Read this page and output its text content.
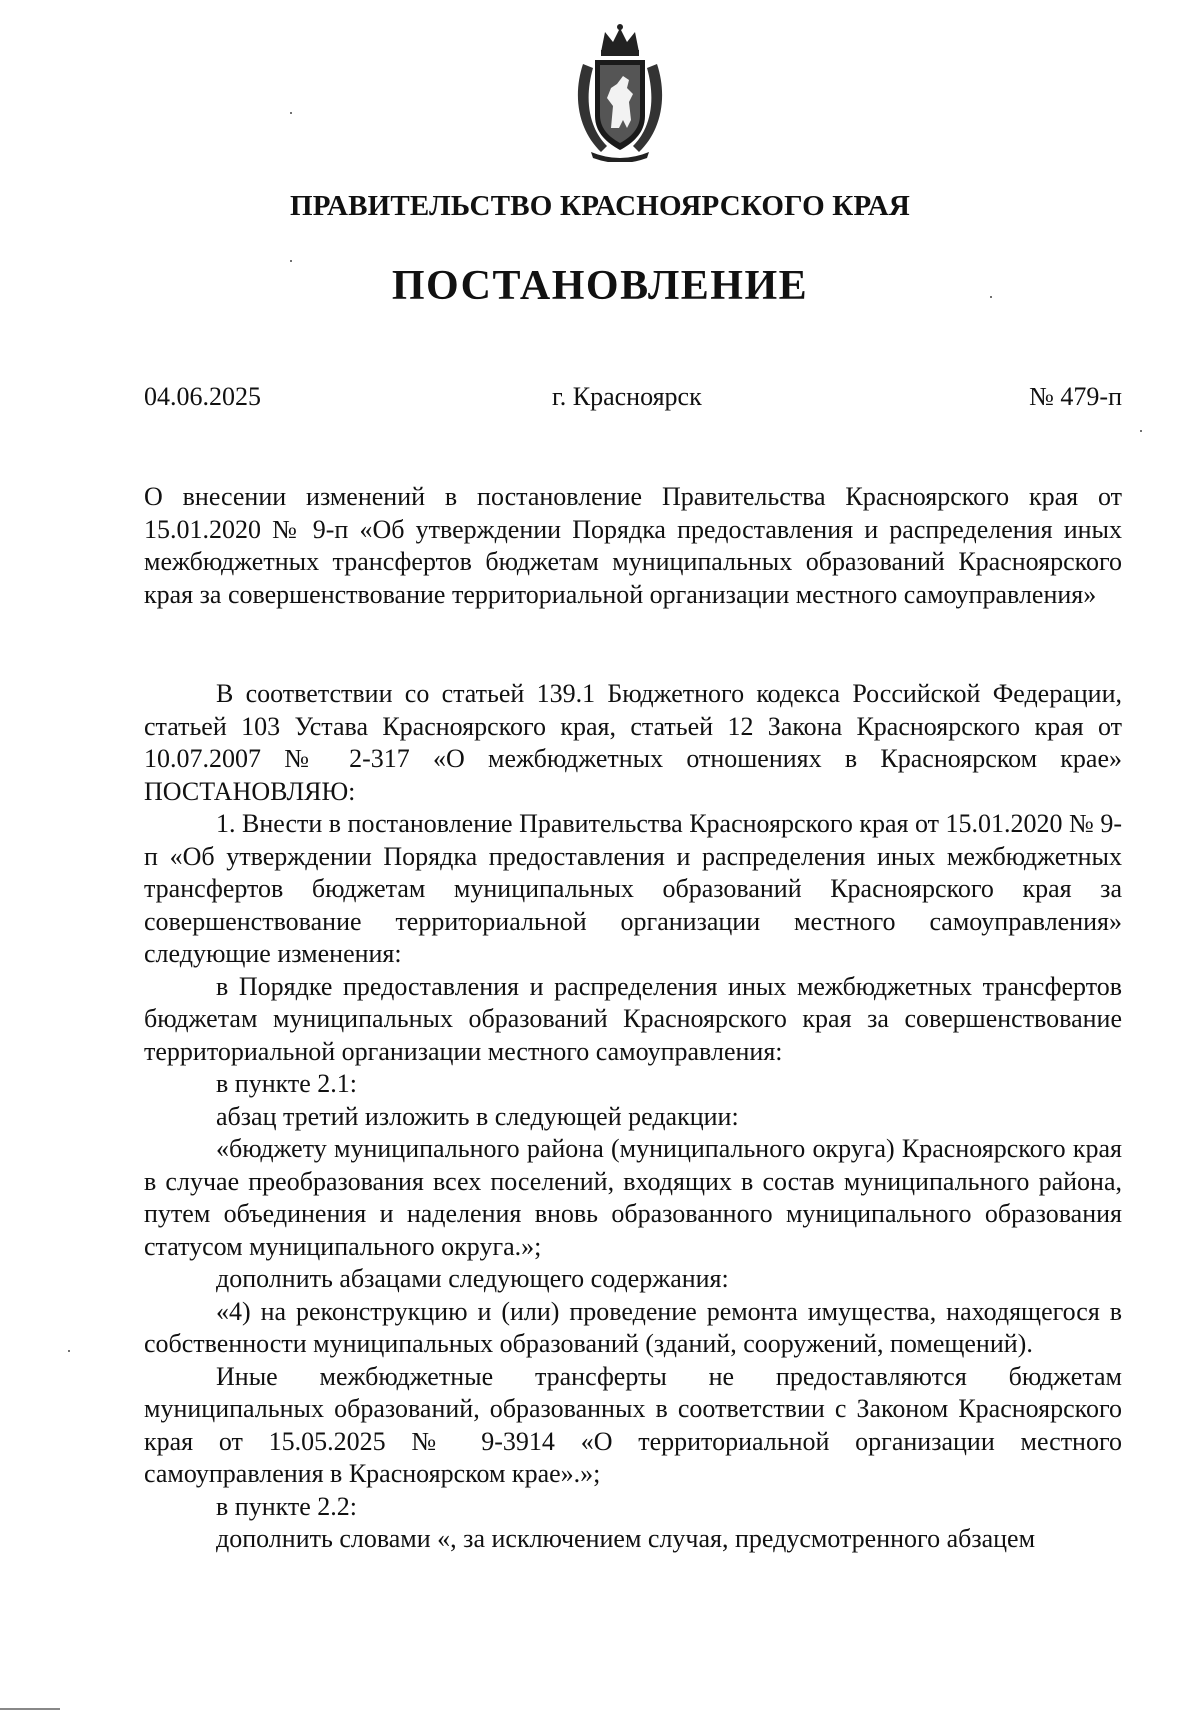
ПРАВИТЕЛЬСТВО КРАСНОЯРСКОГО КРАЯ
ПОСТАНОВЛЕНИЕ
04.06.2025	г. Красноярск	№ 479-п

О внесении изменений в постановление Правительства Красноярского края от 15.01.2020 № 9-п «Об утверждении Порядка предоставления и распределения иных межбюджетных трансфертов бюджетам муниципальных образований Красноярского края за совершенствование территориальной организации местного самоуправления»

В соответствии со статьей 139.1 Бюджетного кодекса Российской Федерации, статьей 103 Устава Красноярского края, статьей 12 Закона Красноярского края от 10.07.2007 № 2-317 «О межбюджетных отношениях в Красноярском крае» ПОСТАНОВЛЯЮ:

1. Внести в постановление Правительства Красноярского края от 15.01.2020 № 9-п «Об утверждении Порядка предоставления и распределения иных межбюджетных трансфертов бюджетам муниципальных образований Красноярского края за совершенствование территориальной организации местного самоуправления» следующие изменения:

в Порядке предоставления и распределения иных межбюджетных трансфертов бюджетам муниципальных образований Красноярского края за совершенствование территориальной организации местного самоуправления:

в пункте 2.1:

абзац третий изложить в следующей редакции:

«бюджету муниципального района (муниципального округа) Красноярского края в случае преобразования всех поселений, входящих в состав муниципального района, путем объединения и наделения вновь образованного муниципального образования статусом муниципального округа.»;

дополнить абзацами следующего содержания:

«4) на реконструкцию и (или) проведение ремонта имущества, находящегося в собственности муниципальных образований (зданий, сооружений, помещений).

Иные межбюджетные трансферты не предоставляются бюджетам муниципальных образований, образованных в соответствии с Законом Красноярского края от 15.05.2025 № 9-3914 «О территориальной организации местного самоуправления в Красноярском крае».»;

в пункте 2.2:

дополнить словами «, за исключением случая, предусмотренного абзацем
